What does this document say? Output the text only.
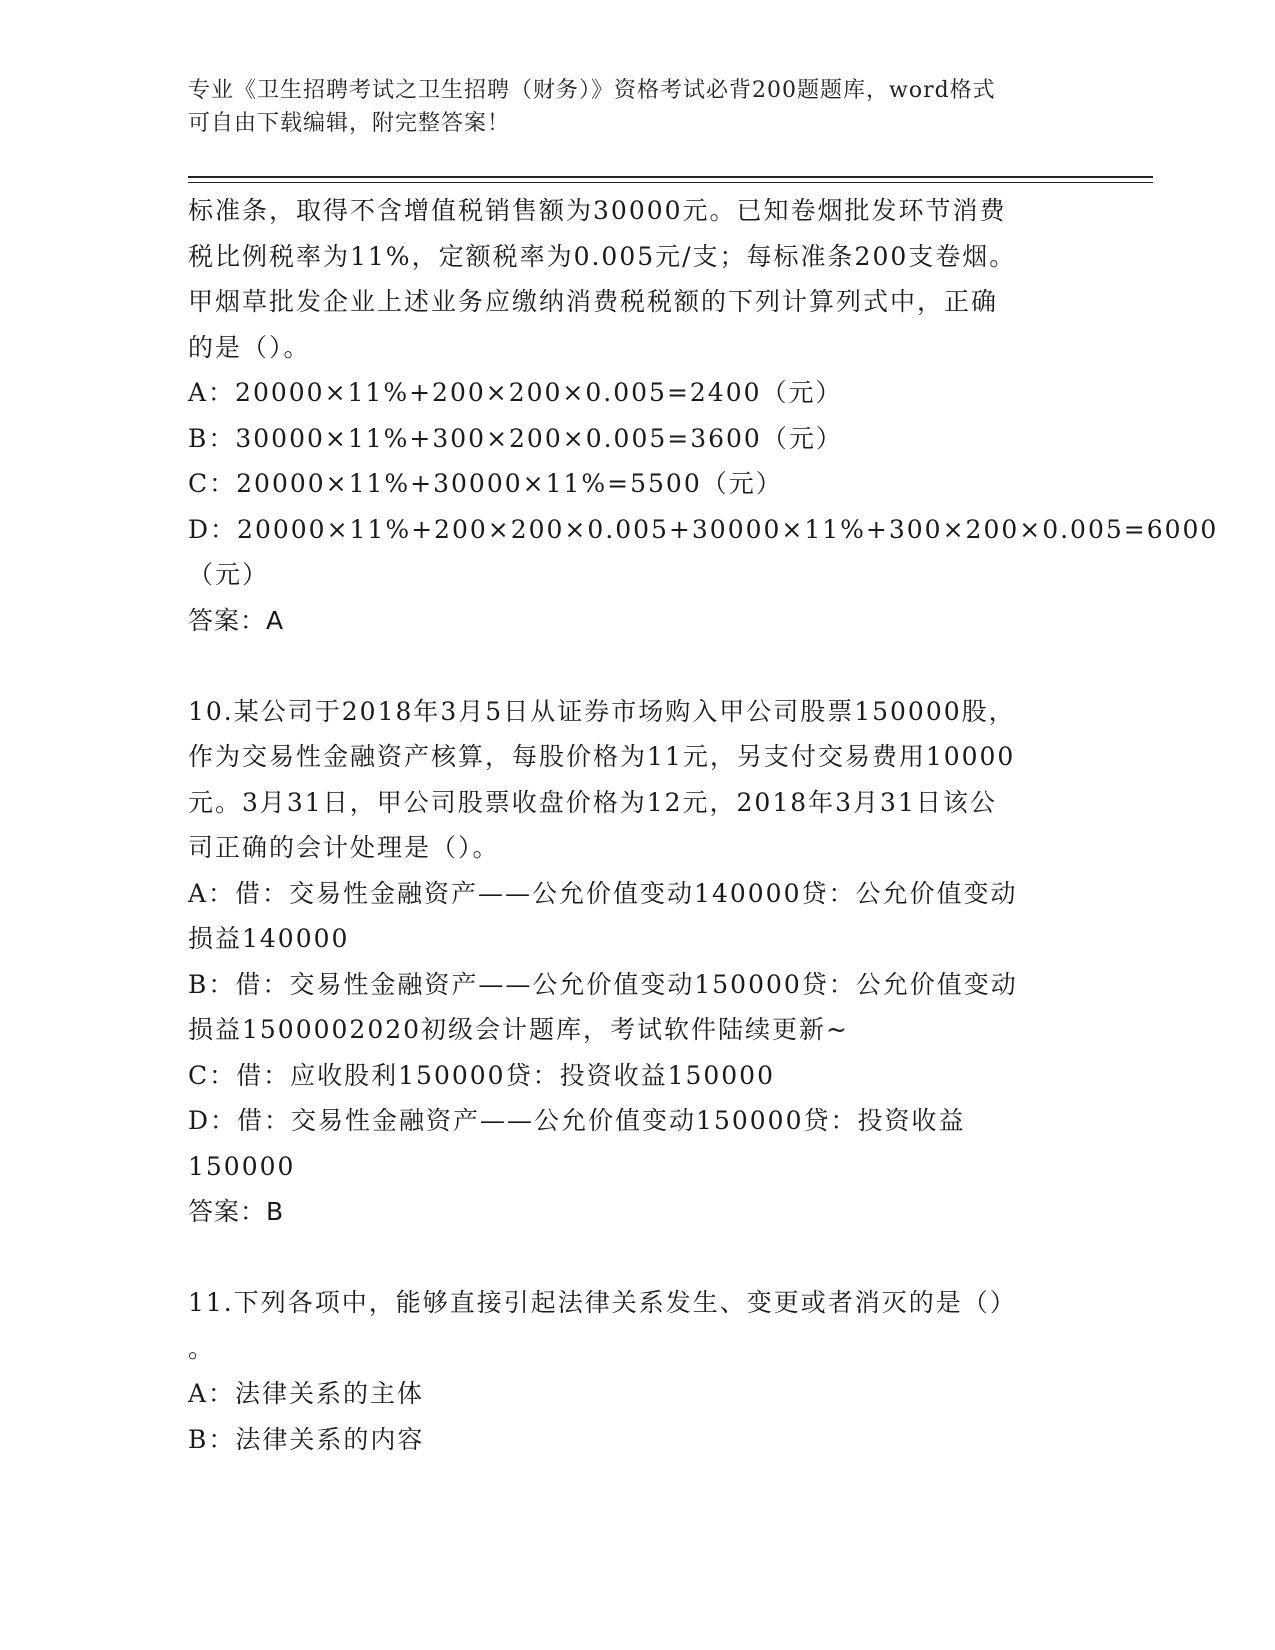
专业《卫生招聘考试之卫生招聘（财务）》资格考试必背200题题库，word格式
可自由下载编辑，附完整答案！
标准条，取得不含增值税销售额为30000元。已知卷烟批发环节消费
税比例税率为11%，定额税率为0.005元/支；每标准条200支卷烟。
甲烟草批发企业上述业务应缴纳消费税税额的下列计算列式中，正确
的是（）。
A：20000×11%+200×200×0.005=2400（元）
B：30000×11%+300×200×0.005=3600（元）
C：20000×11%+30000×11%=5500（元）
D：20000×11%+200×200×0.005+30000×11%+300×200×0.005=6000
（元）
答案：A
10.某公司于2018年3月5日从证券市场购入甲公司股票150000股，
作为交易性金融资产核算，每股价格为11元，另支付交易费用10000
元。3月31日，甲公司股票收盘价格为12元，2018年3月31日该公
司正确的会计处理是（）。
A：借：交易性金融资产——公允价值变动140000贷：公允价值变动
损益140000
B：借：交易性金融资产——公允价值变动150000贷：公允价值变动
损益1500002020初级会计题库，考试软件陆续更新~
C：借：应收股利150000贷：投资收益150000
D：借：交易性金融资产——公允价值变动150000贷：投资收益
150000
答案：B
11.下列各项中，能够直接引起法律关系发生、变更或者消灭的是（）
。
A：法律关系的主体
B：法律关系的内容
